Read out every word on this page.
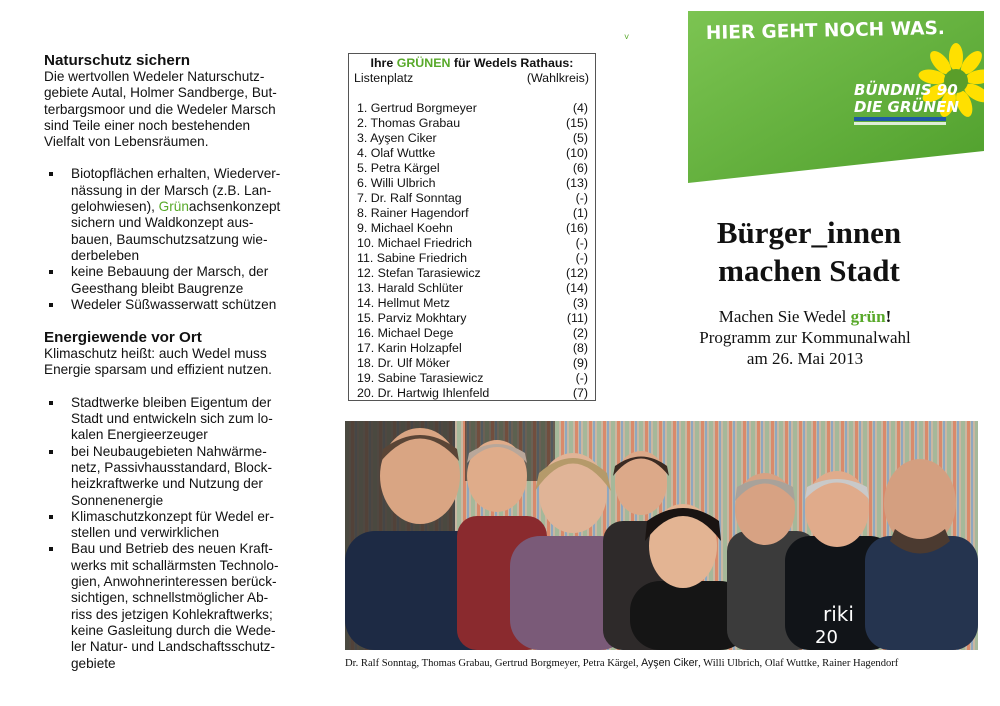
Naturschutz sichern

Die wertvollen Wedeler Naturschutz-

gebiete Autal, Holmer Sandberge, But-

terbargsmoor und die Wedeler Marsch

sind Teile einer noch bestehenden

Vielfalt von Lebensräumen.

Biotopflächen erhalten, Wiederver-
nässung in der Marsch (z.B. Lan-
gelohwiesen), Grünachsenkonzept
sichern und Waldkonzept aus-
bauen, Baumschutzsatzung wie-
derbeleben
keine Bebauung der Marsch, der
Geesthang bleibt Baugrenze
Wedeler Süßwasserwatt schützen
Energiewende vor Ort

Klimaschutz heißt: auch Wedel muss

Energie sparsam und effizient nutzen.

Stadtwerke bleiben Eigentum der
Stadt und entwickeln sich zum lo-
kalen Energieerzeuger
bei Neubaugebieten Nahwärme-
netz, Passivhausstandard, Block-
heizkraftwerke und Nutzung der
Sonnenenergie
Klimaschutzkonzept für Wedel er-
stellen und verwirklichen
Bau und Betrieb des neuen Kraft-
werks mit schallärmsten Technolo-
gien, Anwohnerinteressen berück-
sichtigen, schnellstmöglicher Ab-
riss des jetzigen Kohlekraftwerks;
keine Gasleitung durch die Wede-
ler Natur- und Landschaftsschutz-
gebiete
Ihre GRÜNEN für Wedels Rathaus:
Listenplatz	(Wahlkreis)
1. Gertrud Borgmeyer	(4)
2. Thomas Grabau	(15)
3. Ayşen Ciker	(5)
4. Olaf Wuttke	(10)
5. Petra Kärgel	(6)
6. Willi Ulbrich	(13)
7. Dr. Ralf Sonntag	(-)
8. Rainer Hagendorf	(1)
9. Michael Koehn	(16)
10. Michael Friedrich	(-)
11. Sabine Friedrich	(-)
12. Stefan Tarasiewicz	(12)
13. Harald Schlüter	(14)
14. Hellmut Metz	(3)
15. Parviz Mokhtary	(11)
16. Michael Dege	(2)
17. Karin Holzapfel	(8)
18. Dr. Ulf Möker	(9)
19. Sabine Tarasiewicz	(-)
20. Dr. Hartwig Ihlenfeld	(7)
˅	HIER GEHT NOCH WAS.
BÜNDNIS 90
DIE GRÜNEN
Bürger_innen
machen Stadt
Machen Sie Wedel grün!
Programm zur Kommunalwahl
am 26. Mai 2013
riki
20
Dr. Ralf Sonntag, Thomas Grabau, Gertrud Borgmeyer, Petra Kärgel, Ayşen Ciker, Willi Ulbrich, Olaf Wuttke, Rainer Hagendorf
